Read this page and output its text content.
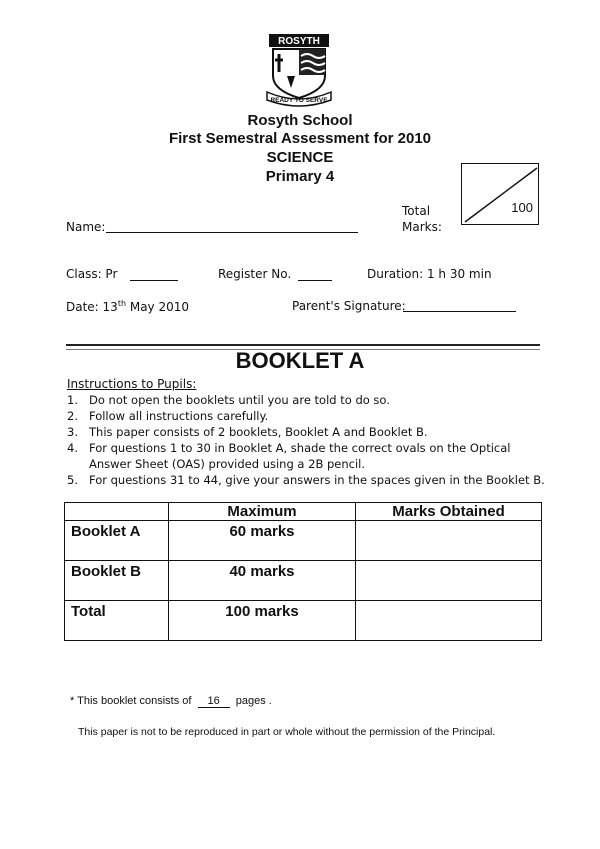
ROSYTH
READY TO SERVE
Rosyth School
First Semestral Assessment for 2010
SCIENCE
Primary 4
Total
Marks:
100
Name:
Class: Pr	Register No.	Duration: 1 h 30 min
Date: 13th May 2010	Parent's Signature:
BOOKLET A
Instructions to Pupils:
1. Do not open the booklets until you are told to do so.
2. Follow all instructions carefully.
3. This paper consists of 2 booklets, Booklet A and Booklet B.
4. For questions 1 to 30 in Booklet A, shade the correct ovals on the Optical Answer Sheet (OAS) provided using a 2B pencil.
5. For questions 31 to 44, give your answers in the spaces given in the Booklet B.
	Maximum	Marks Obtained
Booklet A	60 marks	
Booklet B	40 marks	
Total	100 marks	
* This booklet consists of 16 pages .
This paper is not to be reproduced in part or whole without the permission of the Principal.
